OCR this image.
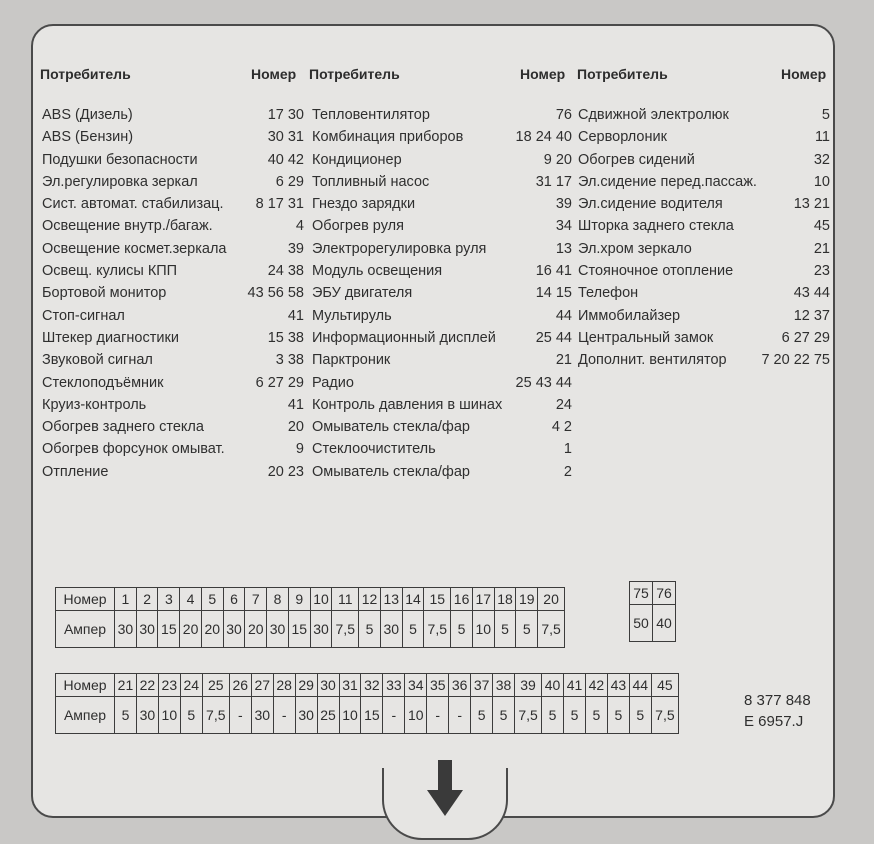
Потребитель	Номер Потребитель	Номер Потребитель	Номер
ABS (Дизель)	17 30
ABS (Бензин)	30 31
Подушки безопасности	40 42
Эл.регулировка зеркал	6 29
Сист. автомат. стабилизац. 8 17 31
Освещение внутр./багаж.	4
Освещение космет.зеркала	39
Освещ. кулисы КПП	24 38
Бортовой монитор	43 56 58
Стоп-сигнал	41
Штекер диагностики	15 38
Звуковой сигнал	3 38
Стеклоподъёмник	6 27 29
Круиз-контроль	41
Обогрев заднего стекла	20
Обогрев форсунок омыват.	9
Отпление	20 23
Тепловентилятор	76
Комбинация приборов	18 24 40
Кондиционер	9 20
Топливный насос	31 17
Гнездо зарядки	39
Обогрев руля	34
Электрорегулировка руля	13
Модуль освещения	16 41
ЭБУ двигателя	14 15
Мультируль	44
Информационный дисплей	25 44
Парктроник	21
Радио	25 43 44
Контроль давления в шинах	24
Омыватель стекла/фар	4 2
Стеклоочиститель	1
Омыватель стекла/фар	2
Сдвижной электролюк	5
Серворлоник	11
Обогрев сидений	32
Эл.сидение перед.пассаж.	10
Эл.сидение водителя	13 21
Шторка заднего стекла	45
Эл.хром зеркало	21
Стояночное отопление	23
Телефон	43 44
Иммобилайзер	12 37
Центральный замок	6 27 29
Дополнит. вентилятор 7 20 22 75
Номер	1	2	3	4	5	6	7	8	9	10	11	12	13	14	15	16	17	18	19	20
Ампер	30	30	15	20	20	30	20	30	15	30	7,5	5	30	5	7,5	5	10	5	5	7,5
75	76
50	40
Номер	21	22	23	24	25	26	27	28	29	30	31	32	33	34	35	36	37	38	39	40	41	42	43	44	45
Ампер	5	30	10	5	7,5	-	30	-	30	25	10	15	-	10	-	-	5	5	7,5	5	5	5	5	5	7,5
8 377 848
E 6957.J
